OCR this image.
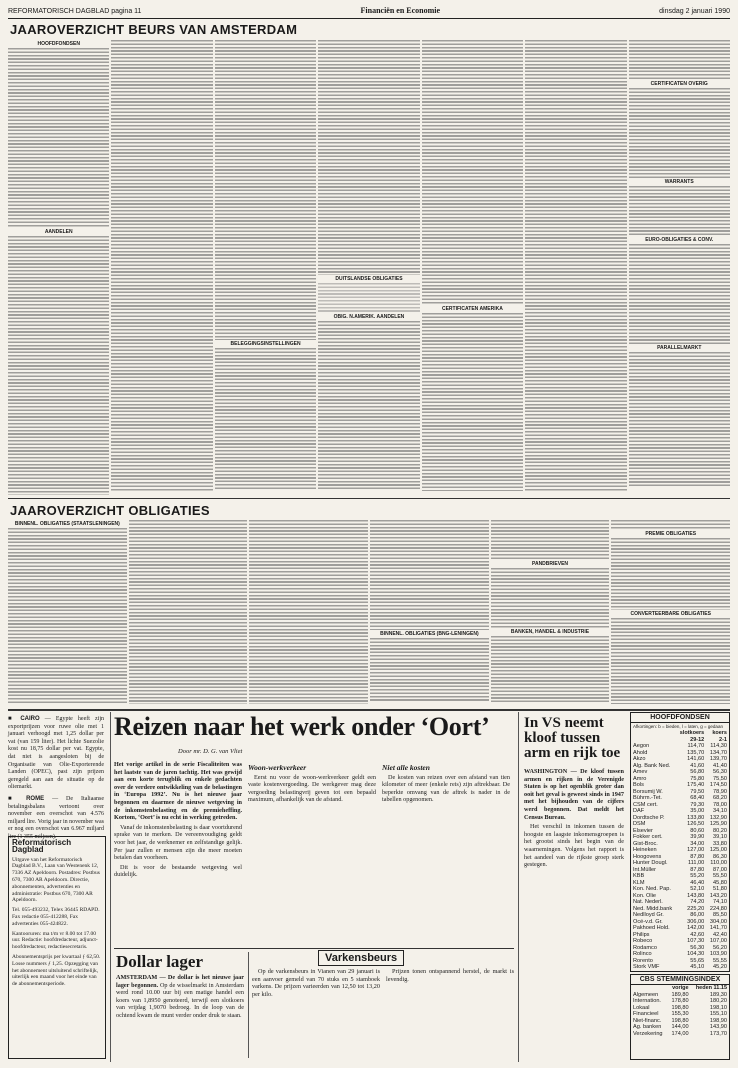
REFORMATORISCH DAGBLAD pagina 11	Financiën en Economie	dinsdag 2 januari 1990
JAAROVERZICHT BEURS VAN AMSTERDAM
HOOFDFONDSEN
AANDELEN
BELEGGINGSINSTELLINGEN
DUITSLANDSE OBLIGATIES
OBIG. N.AMERIK. AANDELEN
CERTIFICATEN AMERIKA
CERTIFICATEN OVERIG
WARRANTS
EURO-OBLIGATIES & CONV.
PARALLELMARKT
JAAROVERZICHT OBLIGATIES
BINNENL. OBLIGATIES (STAATSLENINGEN)
BINNENL. OBLIGATIES (BNG-LENINGEN)
PANDBRIEVEN
BANKEN, HANDEL & INDUSTRIE
PREMIE OBLIGATIES
CONVERTEERBARE OBLIGATIES

■ CAIRO — Egypte heeft zijn exportprijzen voor ruwe olie met 1 januari verhoogd met 1,25 dollar per vat (van 159 liter). Het lichte Suezolie kost nu 18,75 dollar per vat. Egypte, dat niet is aangesloten bij de Organisatie van Olie-Exporterende Landen (OPEC), past zijn prijzen geregeld aan aan de situatie op de oliemarkt.

■ ROME — De Italiaanse betalingsbalans vertoont over november een overschot van 4.576 miljard lire. Vorig jaar in november was er nog een overschot van 6.967 miljard lire (1 355 miljoen).

Reformatorisch Dagblad

Uitgave van het Reformatorisch Dagblad B.V., Laan van Westenenk 12, 7336 AZ Apeldoorn. Postadres: Postbus 670, 7300 AR Apeldoorn. Directie, abonnementen, advertenties en administratie: Postbus 670, 7300 AR Apeldoorn.

Tel. 055-493232, Telex 36445 RDAPD. Fax redactie 055-412288, Fax advertenties 055-424822.

Kantooruren: ma t/m vr 8.00 tot 17.00 uur. Redactie: hoofdredacteur, adjunct-hoofdredacteur, redactiesecretaris.

Abonnementsprijs per kwartaal ƒ 62,50. Losse nummers ƒ 1,25. Opzegging van het abonnement uitsluitend schriftelijk, uiterlijk een maand voor het einde van de abonnementsperiode.

Reizen naar het werk onder ‘Oort’
Door mr. D. G. van Vliet

Het vorige artikel in de serie Fiscaliteiten was het laatste van de jaren tachtig. Het was gewijd aan een korte terugblik en enkele gedachten over de verdere ontwikkeling van de belastingen in ‘Europa 1992’. Nu is het nieuwe jaar begonnen en daarmee de nieuwe wetgeving in de inkomstenbelasting en de premieheffing. Kortom, ‘Oort’ is nu echt in werking getreden.

Vanaf de inkomstenbelasting is daar voortdurend sprake van te merken. De vereenvoudiging geldt voor het jaar, de werknemer en zelfstandige gelijk. Per jaar zullen er mensen zijn die meer moeten betalen dan voorheen.

Dit is voor de bestaande wetgeving wel duidelijk.

Woon-werkverkeer

Eerst nu voor de woon-werkverkeer geldt een vaste kostenvergoeding. De werkgever mag deze vergoeding belastingvrij geven tot een bepaald maximum, afhankelijk van de afstand.

Niet alle kosten

De kosten van reizen over een afstand van tien kilometer of meer (enkele reis) zijn aftrekbaar. De beperkte omvang van de aftrek is nader in de tabellen opgenomen.

Dollar lager

AMSTERDAM — De dollar is het nieuwe jaar lager begonnen. Op de wisselmarkt in Amsterdam werd rond 10.00 uur bij een matige handel een koers van 1,8950 genoteerd, terwijl een slotkoers van vrijdag 1,9070 bedroeg. In de loop van de ochtend kwam de munt verder onder druk te staan.

Varkensbeurs

Op de varkensbeurs in Vianen van 29 januari is een aanvoer gemeld van 70 stuks en 5 stamboek varkens. De prijzen varieerden van 12,50 tot 13,20 per kilo.

Prijzen tonen ontspannend herstel, de markt is levendig.

In VS neemt kloof tussen arm en rijk toe

WASHINGTON — De kloof tussen armen en rijken in de Verenigde Staten is op het ogenblik groter dan ooit het geval is geweest sinds in 1947 met het bijhouden van de cijfers werd begonnen. Dat meldt het Census Bureau.

Het verschil in inkomen tussen de hoogste en laagste inkomensgroepen is het grootst sinds het begin van de waarnemingen. Volgens het rapport is het aandeel van de rijkste groep sterk gestegen.

HOOFDFONDSEN
Afkortingen: b = bieden, l = laten, g = gedaan
	slotkoers 29-12	koers 2-1
Aegon	114,70	114,30
Ahold	135,70	134,70
Akzo	141,60	139,70
Alg. Bank Ned.	41,60	41,40
Amev	56,80	56,30
Amro	75,80	75,50
Bols	175,40	174,50
Borsumij W.	79,50	78,90
Bührm.-Tet.	68,40	68,20
CSM cert.	79,30	78,00
DAF	35,00	34,10
Dordtsche P.	133,80	132,90
DSM	126,50	125,90
Elsevier	80,60	80,20
Fokker cert.	39,90	39,10
Gist-Broc.	34,00	33,80
Heineken	127,00	125,00
Hoogovens	87,80	86,30
Hunter Dougl.	111,00	110,00
Int.Müller	87,80	87,00
KBB	55,20	55,50
KLM	46,40	45,80
Kon. Ned. Pap.	52,10	51,80
Kon. Olie	143,80	143,20
Nat. Nederl.	74,20	74,10
Ned. Midd.bank	225,20	224,80
Nedlloyd Gr.	86,00	85,50
Océ-v.d. Gr.	306,00	304,00
Pakhoed Hold.	142,00	141,70
Philips	42,60	42,40
Robeco	107,30	107,00
Rodamco	56,30	56,20
Rolinco	104,30	103,90
Rorento	55,65	55,55
Stork VMF	45,10	45,20

CBS STEMMINGSINDEX
	vorige	heden 11.15
Algemeen	189,80	189,30
Internation.	178,80	180,20
Lokaal	198,80	198,10
Financieel	155,30	155,10
Niet-financ.	198,80	198,90
Ag. banken	144,00	143,90
Verzekering	174,00	173,70
